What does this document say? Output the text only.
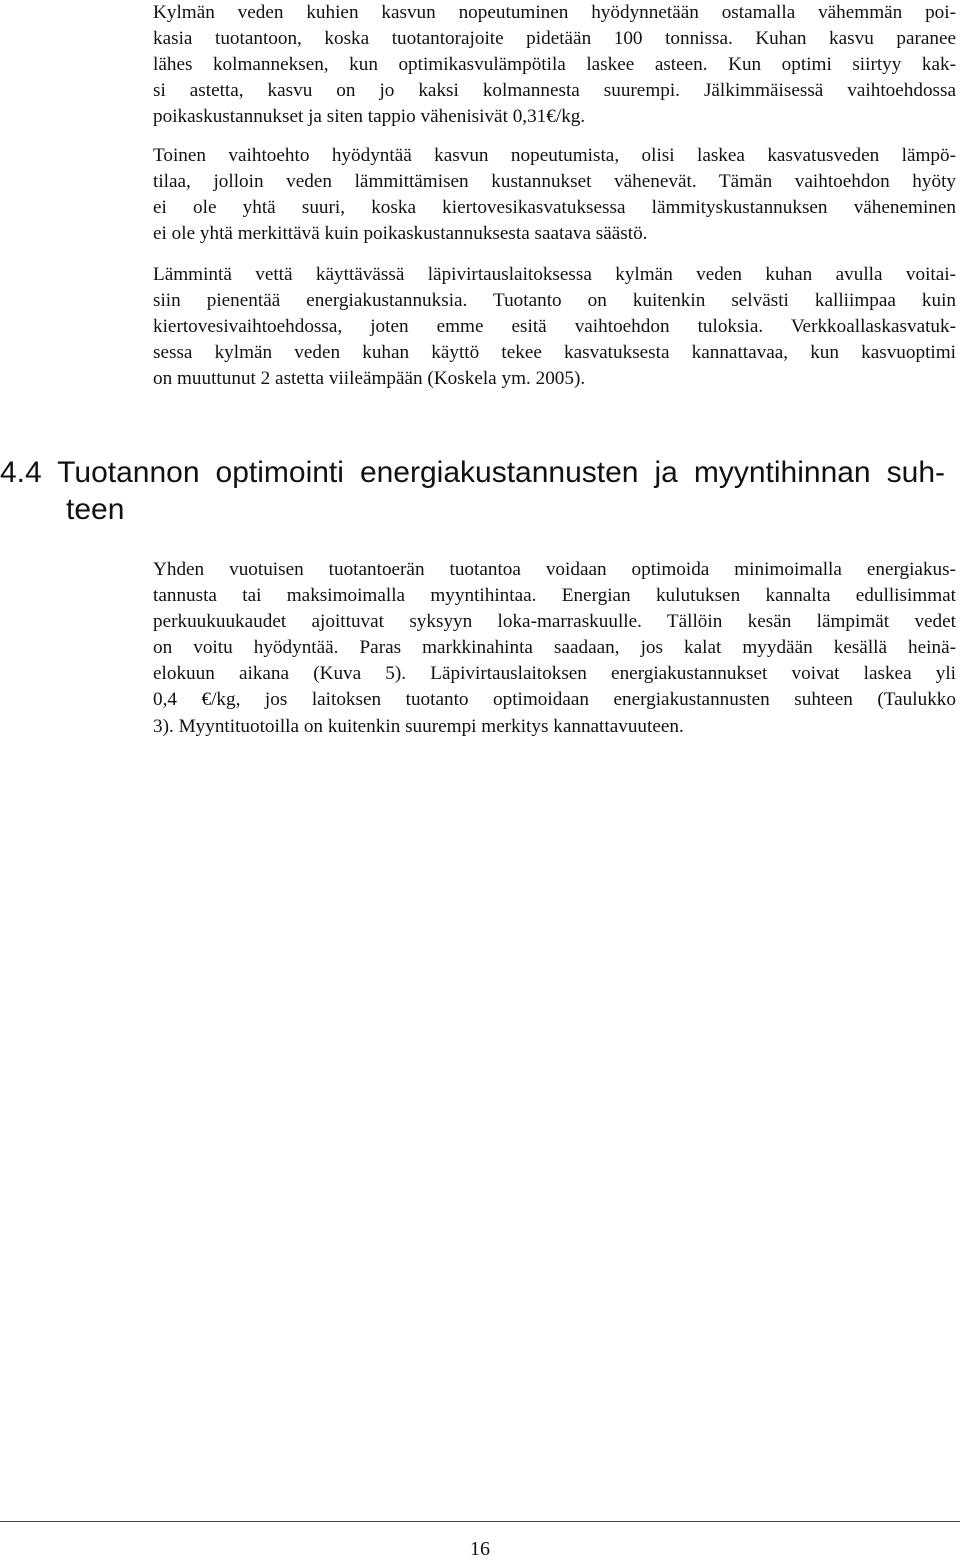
Kylmän veden kuhien kasvun nopeutuminen hyödynnetään ostamalla vähemmän poi-
kasia tuotantoon, koska tuotantorajoite pidetään 100 tonnissa. Kuhan kasvu paranee
lähes kolmanneksen, kun optimikasvulämpötila laskee asteen. Kun optimi siirtyy kak-
si astetta, kasvu on jo kaksi kolmannesta suurempi. Jälkimmäisessä vaihtoehdossa
poikaskustannukset ja siten tappio vähenisivät 0,31€/kg.

Toinen vaihtoehto hyödyntää kasvun nopeutumista, olisi laskea kasvatusveden lämpö-
tilaa, jolloin veden lämmittämisen kustannukset vähenevät. Tämän vaihtoehdon hyöty
ei ole yhtä suuri, koska kiertovesikasvatuksessa lämmityskustannuksen väheneminen
ei ole yhtä merkittävä kuin poikaskustannuksesta saatava säästö.

Lämmintä vettä käyttävässä läpivirtauslaitoksessa kylmän veden kuhan avulla voitai-
siin pienentää energiakustannuksia. Tuotanto on kuitenkin selvästi kalliimpaa kuin
kiertovesivaihtoehdossa, joten emme esitä vaihtoehdon tuloksia. Verkkoallaskasvatuk-
sessa kylmän veden kuhan käyttö tekee kasvatuksesta kannattavaa, kun kasvuoptimi
on muuttunut 2 astetta viileämpään (Koskela ym. 2005).

4.4 Tuotannon optimointi energiakustannusten ja myyntihinnan suh-
teen

Yhden vuotuisen tuotantoerän tuotantoa voidaan optimoida minimoimalla energiakus-
tannusta tai maksimoimalla myyntihintaa. Energian kulutuksen kannalta edullisimmat
perkuukuukaudet ajoittuvat syksyyn loka-marraskuulle. Tällöin kesän lämpimät vedet
on voitu hyödyntää. Paras markkinahinta saadaan, jos kalat myydään kesällä heinä-
elokuun aikana (Kuva 5). Läpivirtauslaitoksen energiakustannukset voivat laskea yli
0,4 €/kg, jos laitoksen tuotanto optimoidaan energiakustannusten suhteen (Taulukko
3). Myyntituotoilla on kuitenkin suurempi merkitys kannattavuuteen.

16
